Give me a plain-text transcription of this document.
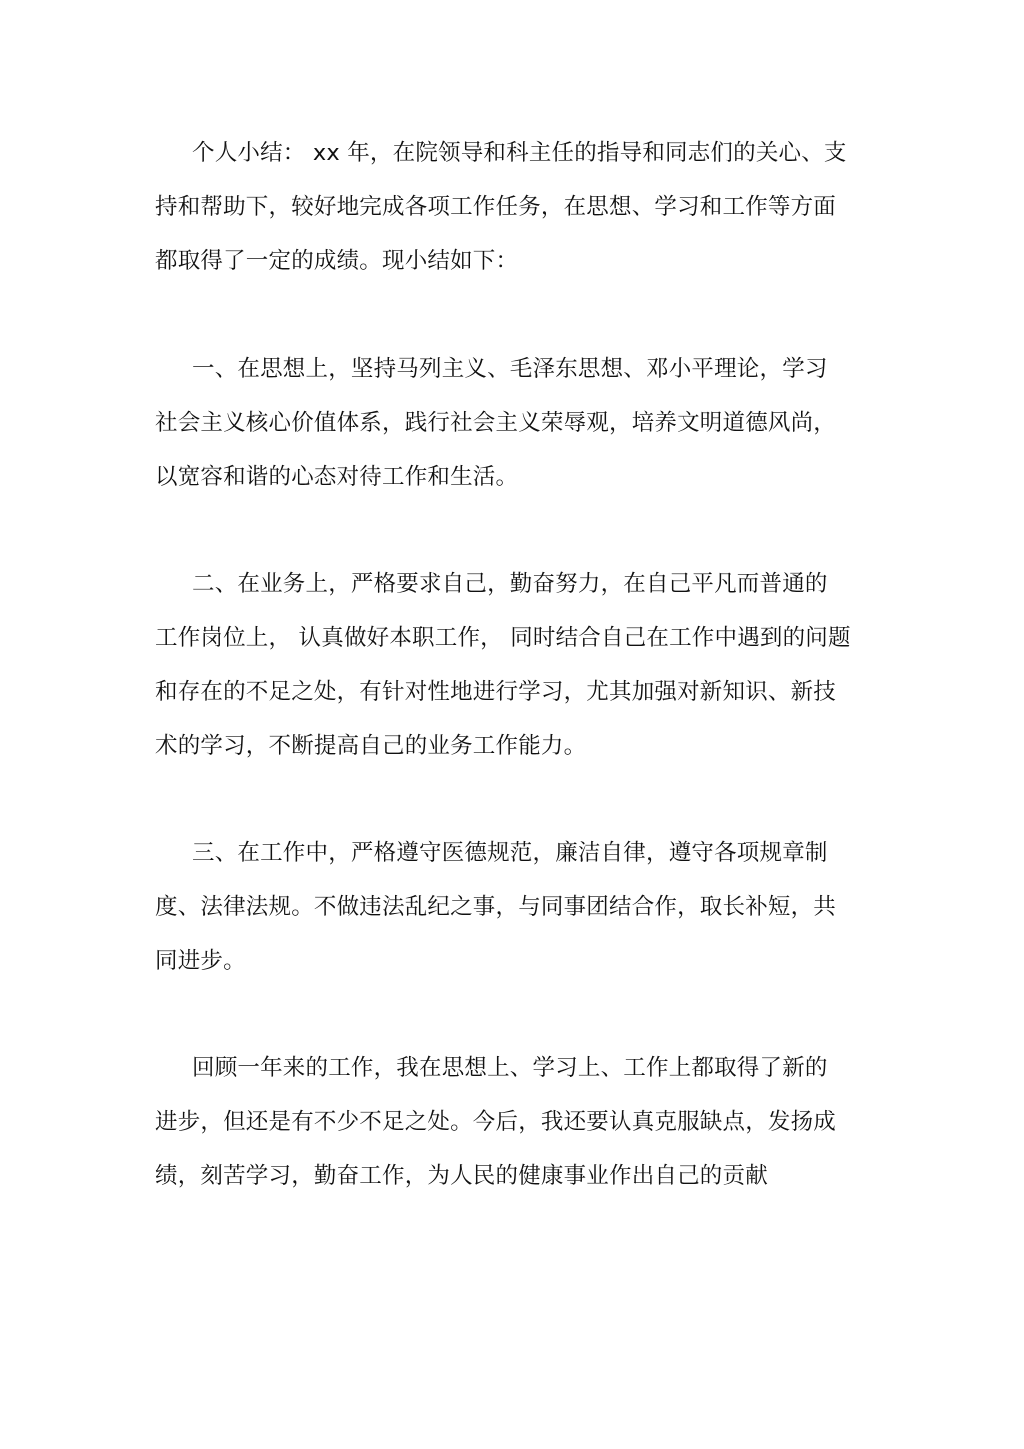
个人小结： xx 年，在院领导和科主任的指导和同志们的关心、支
持和帮助下，较好地完成各项工作任务，在思想、学习和工作等方面
都取得了一定的成绩。现小结如下：
一、在思想上，坚持马列主义、毛泽东思想、邓小平理论，学习
社会主义核心价值体系，践行社会主义荣辱观，培养文明道德风尚，
以宽容和谐的心态对待工作和生活。
二、在业务上，严格要求自己，勤奋努力，在自己平凡而普通的
工作岗位上， 认真做好本职工作， 同时结合自己在工作中遇到的问题
和存在的不足之处，有针对性地进行学习，尤其加强对新知识、新技
术的学习，不断提高自己的业务工作能力。
三、在工作中，严格遵守医德规范，廉洁自律，遵守各项规章制
度、法律法规。不做违法乱纪之事，与同事团结合作，取长补短，共
同进步。
回顾一年来的工作，我在思想上、学习上、工作上都取得了新的
进步，但还是有不少不足之处。今后，我还要认真克服缺点，发扬成
绩，刻苦学习，勤奋工作，为人民的健康事业作出自己的贡献
